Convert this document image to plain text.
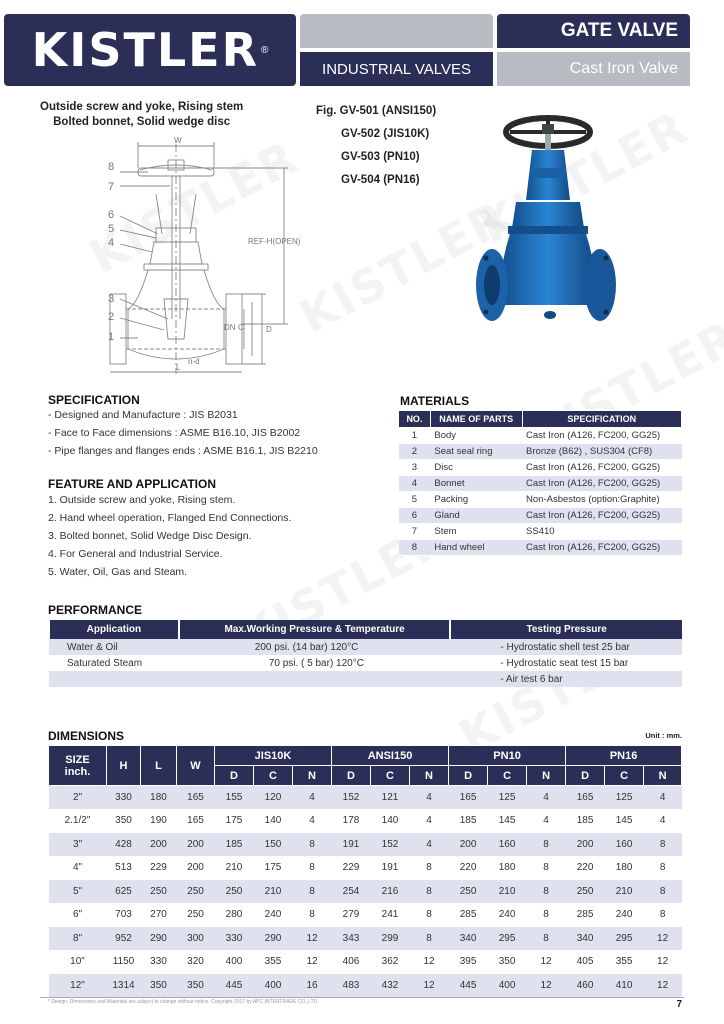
KISTLER ®
GATE VALVE
INDUSTRIAL VALVES	Cast Iron Valve
Outside screw and yoke, Rising stem
Bolted bonnet, Solid wedge disc
Fig. GV-501 (ANSI150)
GV-502 (JIS10K)
GV-503 (PN10)
GV-504 (PN16)
8
7
6
5
4
3
2
1
W
REF-H(OPEN)
D
C
DN
L
n-d
SPECIFICATION
- Designed and Manufacture : JIS B2031
- Face to Face dimensions : ASME B16.10, JIS B2002
- Pipe flanges and flanges ends : ASME B16.1, JIS B2210
FEATURE AND APPLICATION
1. Outside screw and yoke, Rising stem.
2. Hand wheel operation, Flanged End Connections.
3. Bolted bonnet, Solid Wedge Disc Design.
4. For General and Industrial Service.
5. Water, Oil, Gas and Steam.
MATERIALS
NO.	NAME OF PARTS	SPECIFICATION
1	Body	Cast Iron (A126, FC200, GG25)
2	Seat seal ring	Bronze (B62) , SUS304 (CF8)
3	Disc	Cast Iron (A126, FC200, GG25)
4	Bonnet	Cast Iron (A126, FC200, GG25)
5	Packing	Non-Asbestos (option:Graphite)
6	Gland	Cast Iron (A126, FC200, GG25)
7	Stem	SS410
8	Hand wheel	Cast Iron (A126, FC200, GG25)
PERFORMANCE
Application	Max.Working Pressure & Temperature	Testing Pressure
Water & Oil	200 psi. (14 bar) 120°C	- Hydrostatic shell test 25 bar
Saturated Steam	70 psi. ( 5 bar) 120°C	- Hydrostatic seat test 15 bar
		- Air test 6 bar
DIMENSIONS	Unit : mm.
SIZE
inch.	H	L	W	JIS10K			ANSI150			PN10			PN16		
				D	C	N	D	C	N	D	C	N	D	C	N
2"	330	180	165	155	120	4	152	121	4	165	125	4	165	125	4
2.1/2"	350	190	165	175	140	4	178	140	4	185	145	4	185	145	4
3"	428	200	200	185	150	8	191	152	4	200	160	8	200	160	8
4"	513	229	200	210	175	8	229	191	8	220	180	8	220	180	8
5"	625	250	250	250	210	8	254	216	8	250	210	8	250	210	8
6"	703	270	250	280	240	8	279	241	8	285	240	8	285	240	8
8"	952	290	300	330	290	12	343	299	8	340	295	8	340	295	12
10"	1150	330	320	400	355	12	406	362	12	395	350	12	405	355	12
12"	1314	350	350	445	400	16	483	432	12	445	400	12	460	410	12
* Design, Dimensions and Materials are subject to change without notice. Copyright 2017 by APC INTERTRADE CO.,LTD.	7
